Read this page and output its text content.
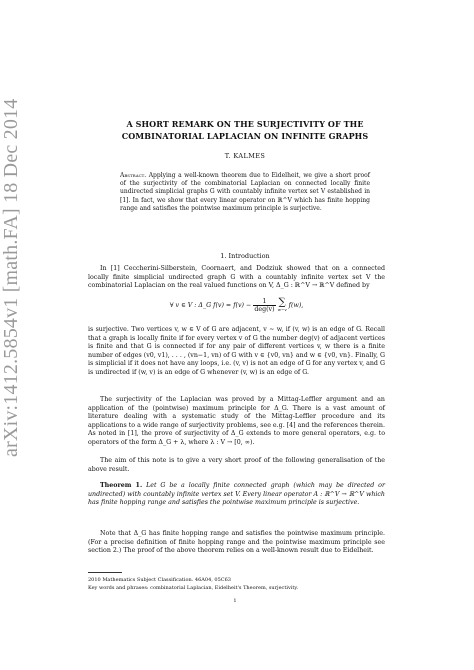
arXiv:1412.5854v1 [math.FA] 18 Dec 2014	A SHORT REMARK ON THE SURJECTIVITY OF THE
COMBINATORIAL LAPLACIAN ON INFINITE GRAPHS
T. KALMES
Abstract. Applying a well-known theorem due to Eidelheit, we give a short proof of the surjectivity of the combinatorial Laplacian on connected locally finite undirected simplicial graphs G with countably infinite vertex set V established in [1]. In fact, we show that every linear operator on ℝ^V which has finite hopping range and satisfies the pointwise maximum principle is surjective.
1. Introduction
In [1] Ceccherini-Silberstein, Coornaert, and Dodziuk showed that on a connected locally finite simplicial undirected graph G with a countably infinite vertex set V the combinatorial Laplacian on the real valued functions on V, Δ_G : ℝ^V → ℝ^V defined by
∀ v ∈ V : Δ_G $f(v) = f(v) - \frac{1}{\text{deg(v)}}$
∑
w∼v f(w),
is surjective. Two vertices v, w ∈ V of G are adjacent, v ∼ w, if (v, w) is an edge of G. Recall that a graph is locally finite if for every vertex v of G the number deg(v) of adjacent vertices is finite and that G is connected if for any pair of different vertices v, w there is a finite number of edges (v0, v1), . . . , (vn−1, vn) of G with v ∈ {v0, vn} and w ∈ {v0, vn}. Finally, G is simplicial if it does not have any loops, i.e. (v, v) is not an edge of G for any vertex v, and G is undirected if (w, v) is an edge of G whenever (v, w) is an edge of G.
The surjectivity of the Laplacian was proved by a Mittag-Leffler argument and an application of the (pointwise) maximum principle for Δ_G. There is a vast amount of literature dealing with a systematic study of the Mittag-Leffler procedure and its applications to a wide range of surjectivity problems, see e.g. [4] and the references therein. As noted in [1], the prove of surjectivity of Δ_G extends to more general operators, e.g. to operators of the form Δ_G + λ, where λ : V → [0, ∞).
The aim of this note is to give a very short proof of the following generalisation of the above result.
Theorem 1. Let G be a locally finite connected graph (which may be directed or undirected) with countably infinite vertex set V. Every linear operator A : ℝ^V → ℝ^V which has finite hopping range and satisfies the pointwise maximum principle is surjective.
Note that Δ_G has finite hopping range and satisfies the pointwise maximum principle. (For a precise definition of finite hopping range and the pointwise maximum principle see section 2.) The proof of the above theorem relies on a well-known result due to Eidelheit.
2010 Mathematics Subject Classification. 46A04, 05C63
Key words and phrases: combinatorial Laplacian, Eidelheit's Theorem, surjectivity.
1
